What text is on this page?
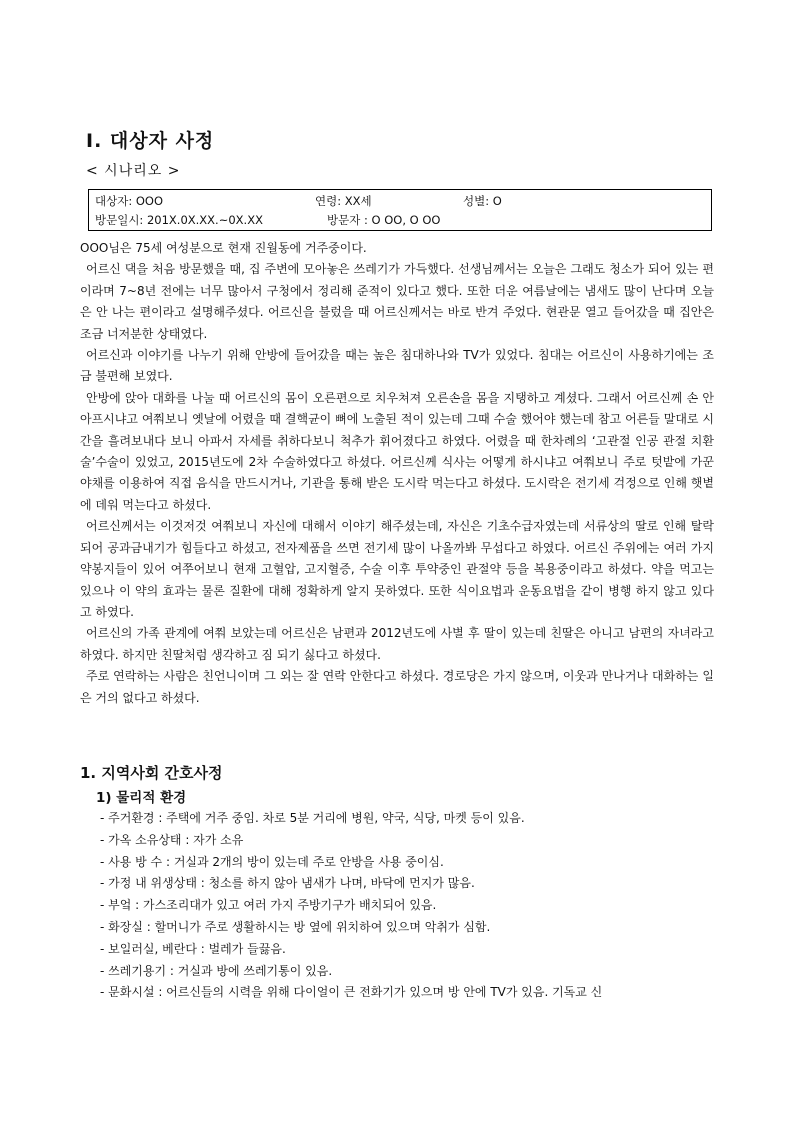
Ⅰ. 대상자 사정
< 시나리오 >
대상자: OOO	연령: XX세	성별: O
방문일시: 201X.0X.XX.~0X.XX	방문자 : O OO, O OO

OOO님은 75세 여성분으로 현재 진월동에 거주중이다.

어르신 댁을 처음 방문했을 때, 집 주변에 모아놓은 쓰레기가 가득했다. 선생님께서는 오늘은 그래도 청소가 되어 있는 편이라며 7~8년 전에는 너무 많아서 구청에서 정리해 준적이 있다고 했다. 또한 더운 여름날에는 냄새도 많이 난다며 오늘은 안 나는 편이라고 설명해주셨다. 어르신을 불렀을 때 어르신께서는 바로 반겨 주었다. 현관문 열고 들어갔을 때 집안은 조금 너저분한 상태였다.

어르신과 이야기를 나누기 위해 안방에 들어갔을 때는 높은 침대하나와 TV가 있었다. 침대는 어르신이 사용하기에는 조금 불편해 보였다.

안방에 앉아 대화를 나눌 때 어르신의 몸이 오른편으로 치우쳐져 오른손을 몸을 지탱하고 계셨다. 그래서 어르신께 손 안 아프시냐고 여쭤보니 옛날에 어렸을 때 결핵균이 뼈에 노출된 적이 있는데 그때 수술 했어야 했는데 참고 어른들 말대로 시간을 흘려보내다 보니 아파서 자세를 취하다보니 척추가 휘어졌다고 하였다. 어렸을 때 한차례의 ‘고관절 인공 관절 치환술’수술이 있었고, 2015년도에 2차 수술하였다고 하셨다. 어르신께 식사는 어떻게 하시냐고 여쭤보니 주로 텃밭에 가꾼 야채를 이용하여 직접 음식을 만드시거나, 기관을 통해 받은 도시락 먹는다고 하셨다. 도시락은 전기세 걱정으로 인해 햇볕에 데워 먹는다고 하셨다.

어르신께서는 이것저것 여쭤보니 자신에 대해서 이야기 해주셨는데, 자신은 기초수급자였는데 서류상의 딸로 인해 탈락되어 공과금내기가 힘들다고 하셨고, 전자제품을 쓰면 전기세 많이 나올까봐 무섭다고 하였다. 어르신 주위에는 여러 가지 약봉지들이 있어 여쭈어보니 현재 고혈압, 고지혈증, 수술 이후 투약중인 관절약 등을 복용중이라고 하셨다. 약을 먹고는 있으나 이 약의 효과는 물론 질환에 대해 정확하게 알지 못하였다. 또한 식이요법과 운동요법을 같이 병행 하지 않고 있다고 하였다.

어르신의 가족 관계에 여쭤 보았는데 어르신은 남편과 2012년도에 사별 후 딸이 있는데 친딸은 아니고 남편의 자녀라고 하였다. 하지만 친딸처럼 생각하고 짐 되기 싫다고 하셨다.

주로 연락하는 사람은 친언니이며 그 외는 잘 연락 안한다고 하셨다. 경로당은 가지 않으며, 이웃과 만나거나 대화하는 일은 거의 없다고 하셨다.

1. 지역사회 간호사정
1) 물리적 환경
- 주거환경 : 주택에 거주 중임. 차로 5분 거리에 병원, 약국, 식당, 마켓 등이 있음.
- 가옥 소유상태 : 자가 소유
- 사용 방 수 : 거실과 2개의 방이 있는데 주로 안방을 사용 중이심.
- 가정 내 위생상태 : 청소를 하지 않아 냄새가 나며, 바닥에 먼지가 많음.
- 부엌 : 가스조리대가 있고 여러 가지 주방기구가 배치되어 있음.
- 화장실 : 할머니가 주로 생활하시는 방 옆에 위치하여 있으며 악취가 심함.
- 보일러실, 베란다 : 벌레가 들끓음.
- 쓰레기용기 : 거실과 방에 쓰레기통이 있음.
- 문화시설 : 어르신들의 시력을 위해 다이얼이 큰 전화기가 있으며 방 안에 TV가 있음. 기독교 신
